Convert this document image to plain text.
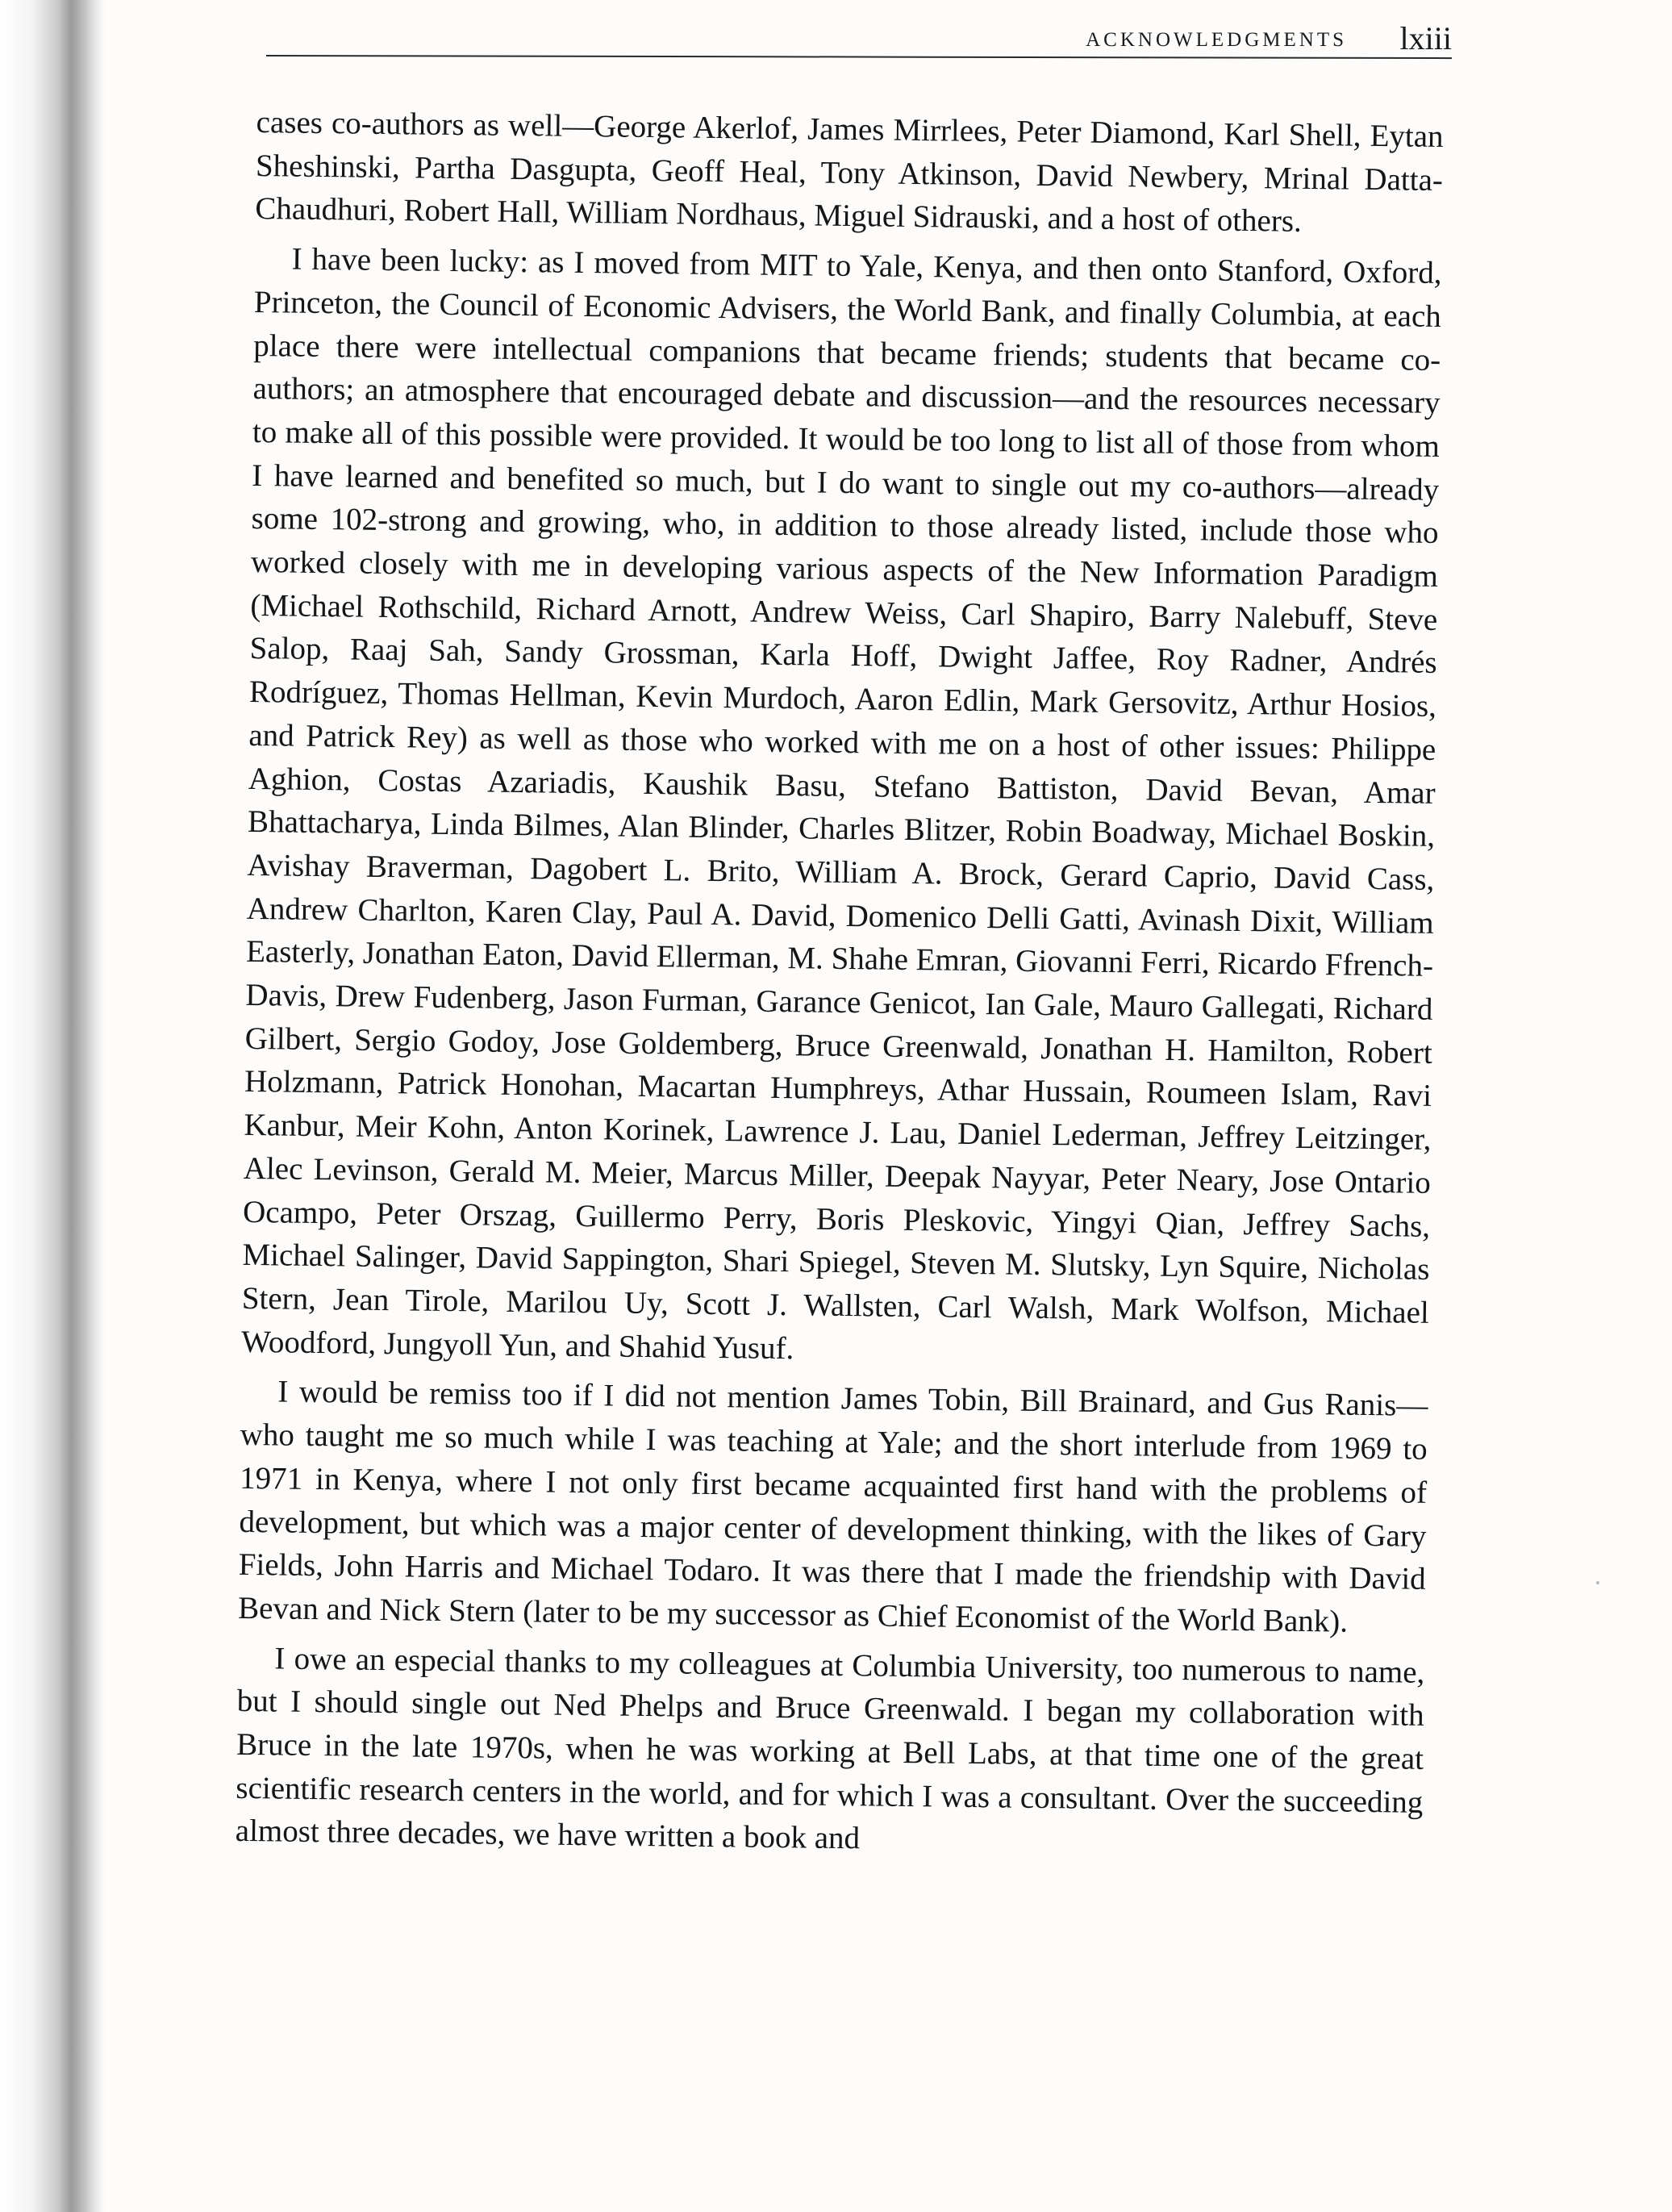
ACKNOWLEDGMENTS lxiii

cases co-authors as well—George Akerlof, James Mirrlees, Peter Diamond, Karl Shell, Eytan Sheshinski, Partha Dasgupta, Geoff Heal, Tony Atkinson, David Newbery, Mrinal Datta-Chaudhuri, Robert Hall, William Nordhaus, Miguel Sidrauski, and a host of others.

I have been lucky: as I moved from MIT to Yale, Kenya, and then onto Stanford, Oxford, Princeton, the Council of Economic Advisers, the World Bank, and finally Columbia, at each place there were intellectual companions that became friends; students that became co-authors; an atmosphere that encouraged debate and discussion—and the resources necessary to make all of this possible were provided. It would be too long to list all of those from whom I have learned and benefited so much, but I do want to single out my co-authors—already some 102-strong and growing, who, in addition to those already listed, include those who worked closely with me in developing various aspects of the New Information Paradigm (Michael Rothschild, Richard Arnott, Andrew Weiss, Carl Shapiro, Barry Nalebuff, Steve Salop, Raaj Sah, Sandy Grossman, Karla Hoff, Dwight Jaffee, Roy Radner, Andrés Rodríguez, Thomas Hellman, Kevin Murdoch, Aaron Edlin, Mark Gersovitz, Arthur Hosios, and Patrick Rey) as well as those who worked with me on a host of other issues: Philippe Aghion, Costas Azariadis, Kaushik Basu, Stefano Battiston, David Bevan, Amar Bhattacharya, Linda Bilmes, Alan Blinder, Charles Blitzer, Robin Boadway, Michael Boskin, Avishay Braverman, Dagobert L. Brito, William A. Brock, Gerard Caprio, David Cass, Andrew Charlton, Karen Clay, Paul A. David, Domenico Delli Gatti, Avinash Dixit, William Easterly, Jonathan Eaton, David Ellerman, M. Shahe Emran, Giovanni Ferri, Ricardo Ffrench-Davis, Drew Fudenberg, Jason Furman, Garance Genicot, Ian Gale, Mauro Gallegati, Richard Gilbert, Sergio Godoy, Jose Goldemberg, Bruce Greenwald, Jonathan H. Hamilton, Robert Holzmann, Patrick Honohan, Macartan Humphreys, Athar Hussain, Roumeen Islam, Ravi Kanbur, Meir Kohn, Anton Korinek, Lawrence J. Lau, Daniel Lederman, Jeffrey Leitzinger, Alec Levinson, Gerald M. Meier, Marcus Miller, Deepak Nayyar, Peter Neary, Jose Ontario Ocampo, Peter Orszag, Guillermo Perry, Boris Pleskovic, Yingyi Qian, Jeffrey Sachs, Michael Salinger, David Sappington, Shari Spiegel, Steven M. Slutsky, Lyn Squire, Nicholas Stern, Jean Tirole, Marilou Uy, Scott J. Wallsten, Carl Walsh, Mark Wolfson, Michael Woodford, Jungyoll Yun, and Shahid Yusuf.

I would be remiss too if I did not mention James Tobin, Bill Brainard, and Gus Ranis—who taught me so much while I was teaching at Yale; and the short interlude from 1969 to 1971 in Kenya, where I not only first became acquainted first hand with the problems of development, but which was a major center of development thinking, with the likes of Gary Fields, John Harris and Michael Todaro. It was there that I made the friendship with David Bevan and Nick Stern (later to be my successor as Chief Economist of the World Bank).

I owe an especial thanks to my colleagues at Columbia University, too numerous to name, but I should single out Ned Phelps and Bruce Greenwald. I began my collaboration with Bruce in the late 1970s, when he was working at Bell Labs, at that time one of the great scientific research centers in the world, and for which I was a consultant. Over the succeeding almost three decades, we have written a book and
